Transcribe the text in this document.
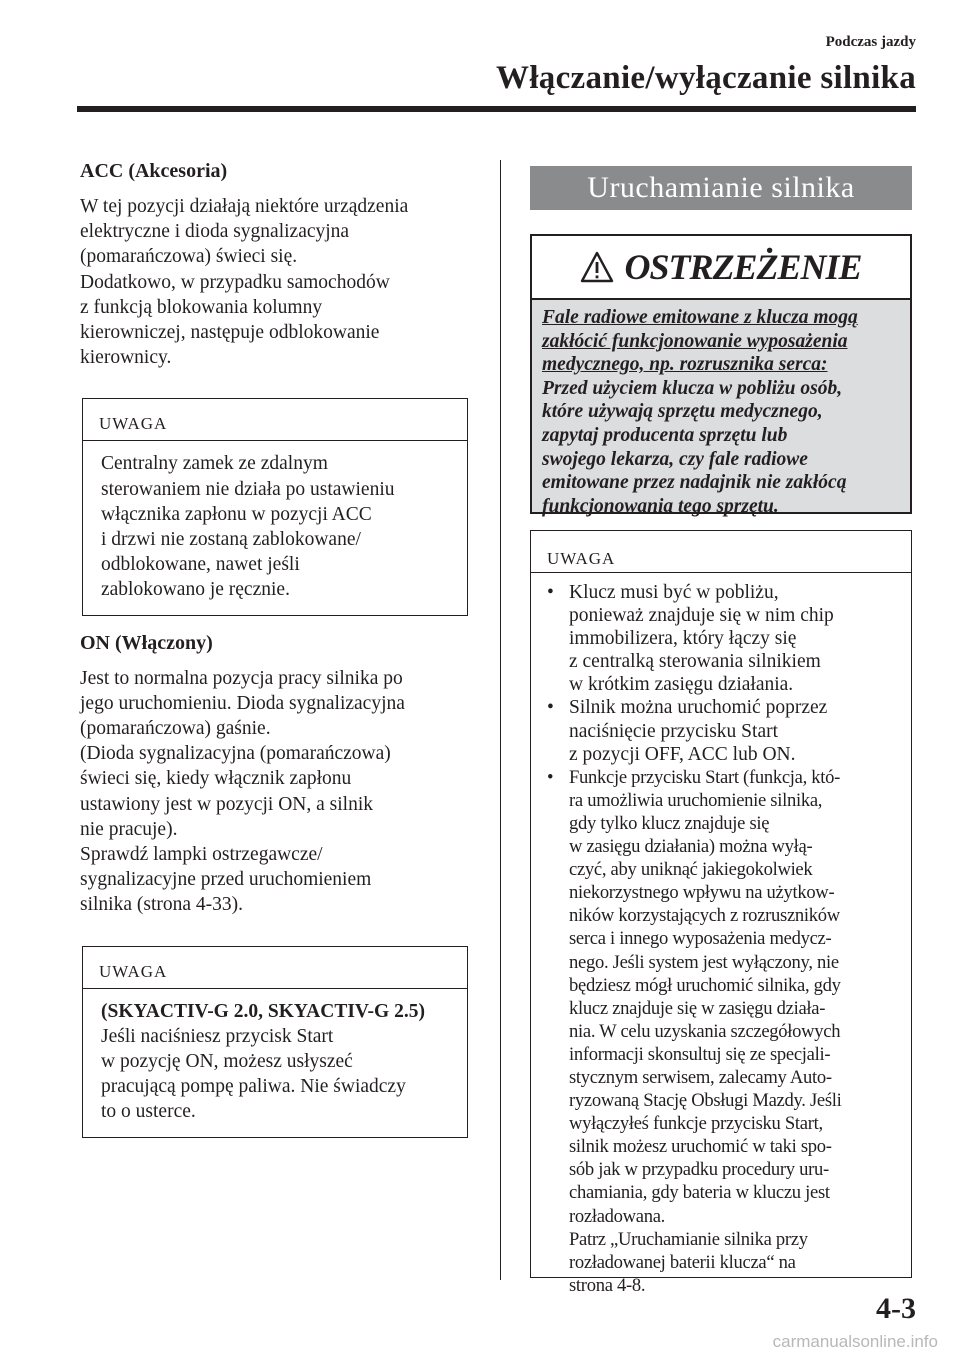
Podczas jazdy
Włączanie/wyłączanie silnika
ACC (Akcesoria)
W tej pozycji działają niektóre urządzenia
elektryczne i dioda sygnalizacyjna
(pomarańczowa) świeci się.
Dodatkowo, w przypadku samochodów
z funkcją blokowania kolumny
kierowniczej, następuje odblokowanie
kierownicy.
UWAGA
Centralny zamek ze zdalnym
sterowaniem nie działa po ustawieniu
włącznika zapłonu w pozycji ACC
i drzwi nie zostaną zablokowane/
odblokowane, nawet jeśli
zablokowano je ręcznie.
ON (Włączony)
Jest to normalna pozycja pracy silnika po
jego uruchomieniu. Dioda sygnalizacyjna
(pomarańczowa) gaśnie.
(Dioda sygnalizacyjna (pomarańczowa)
świeci się, kiedy włącznik zapłonu
ustawiony jest w pozycji ON, a silnik
nie pracuje).
Sprawdź lampki ostrzegawcze/
sygnalizacyjne przed uruchomieniem
silnika (strona 4-33).
UWAGA
(SKYACTIV-G 2.0, SKYACTIV-G 2.5)
Jeśli naciśniesz przycisk Start
w pozycję ON, możesz usłyszeć
pracującą pompę paliwa. Nie świadczy
to o usterce.
Uruchamianie silnika
OSTRZEŻENIE
Fale radiowe emitowane z klucza mogą
zakłócić funkcjonowanie wyposażenia
medycznego, np. rozrusznika serca:
Przed użyciem klucza w pobliżu osób,
które używają sprzętu medycznego,
zapytaj producenta sprzętu lub
swojego lekarza, czy fale radiowe
emitowane przez nadajnik nie zakłócą
funkcjonowania tego sprzętu.
UWAGA
• Klucz musi być w pobliżu,
ponieważ znajduje się w nim chip
immobilizera, który łączy się
z centralką sterowania silnikiem
w krótkim zasięgu działania.
• Silnik można uruchomić poprzez
naciśnięcie przycisku Start
z pozycji OFF, ACC lub ON.
• Funkcje przycisku Start (funkcja, któ-
ra umożliwia uruchomienie silnika,
gdy tylko klucz znajduje się
w zasięgu działania) można wyłą-
czyć, aby uniknąć jakiegokolwiek
niekorzystnego wpływu na użytkow-
ników korzystających z rozruszników
serca i innego wyposażenia medycz-
nego. Jeśli system jest wyłączony, nie
będziesz mógł uruchomić silnika, gdy
klucz znajduje się w zasięgu działa-
nia. W celu uzyskania szczegółowych
informacji skonsultuj się ze specjali-
stycznym serwisem, zalecamy Auto-
ryzowaną Stację Obsługi Mazdy. Jeśli
wyłączyłeś funkcje przycisku Start,
silnik możesz uruchomić w taki spo-
sób jak w przypadku procedury uru-
chamiania, gdy bateria w kluczu jest
rozładowana.
Patrz „Uruchamianie silnika przy
rozładowanej baterii klucza“ na
strona 4-8.
4-3
carmanualsonline.info
